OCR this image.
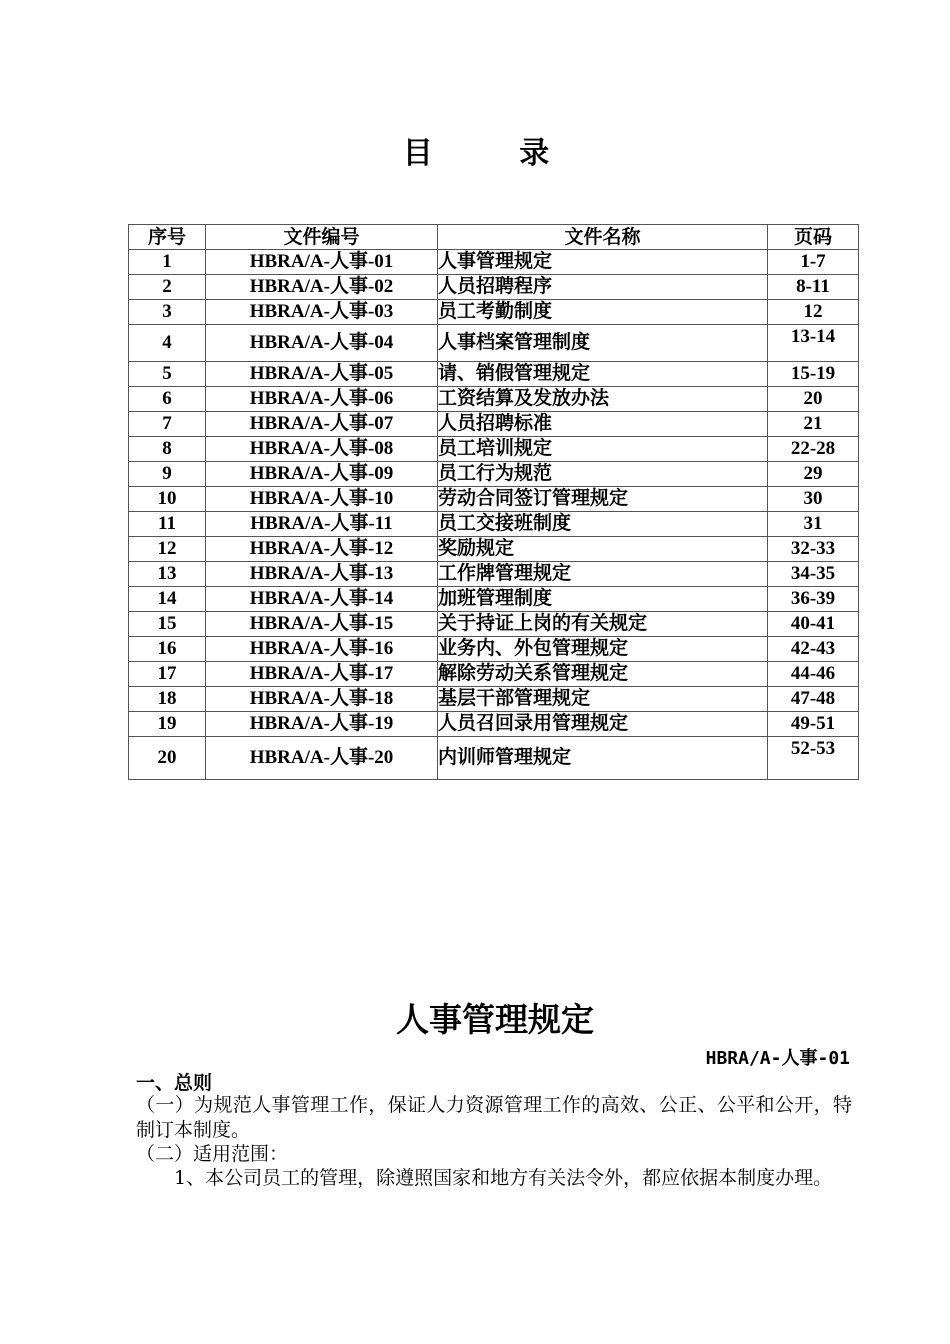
目 录
序号	文件编号	文件名称	页码
1	HBRA/A-人事-01	人事管理规定	1-7
2	HBRA/A-人事-02	人员招聘程序	8-11
3	HBRA/A-人事-03	员工考勤制度	12
4	HBRA/A-人事-04	人事档案管理制度	13-14
5	HBRA/A-人事-05	请、销假管理规定	15-19
6	HBRA/A-人事-06	工资结算及发放办法	20
7	HBRA/A-人事-07	人员招聘标准	21
8	HBRA/A-人事-08	员工培训规定	22-28
9	HBRA/A-人事-09	员工行为规范	29
10	HBRA/A-人事-10	劳动合同签订管理规定	30
11	HBRA/A-人事-11	员工交接班制度	31
12	HBRA/A-人事-12	奖励规定	32-33
13	HBRA/A-人事-13	工作牌管理规定	34-35
14	HBRA/A-人事-14	加班管理制度	36-39
15	HBRA/A-人事-15	关于持证上岗的有关规定	40-41
16	HBRA/A-人事-16	业务内、外包管理规定	42-43
17	HBRA/A-人事-17	解除劳动关系管理规定	44-46
18	HBRA/A-人事-18	基层干部管理规定	47-48
19	HBRA/A-人事-19	人员召回录用管理规定	49-51
20	HBRA/A-人事-20	内训师管理规定	52-53
人事管理规定
HBRA/A-人事-01
一、总则
（一）为规范人事管理工作，保证人力资源管理工作的高效、公正、公平和公开，特制订本制度。
（二）适用范围：
1、本公司员工的管理，除遵照国家和地方有关法令外，都应依据本制度办理。
